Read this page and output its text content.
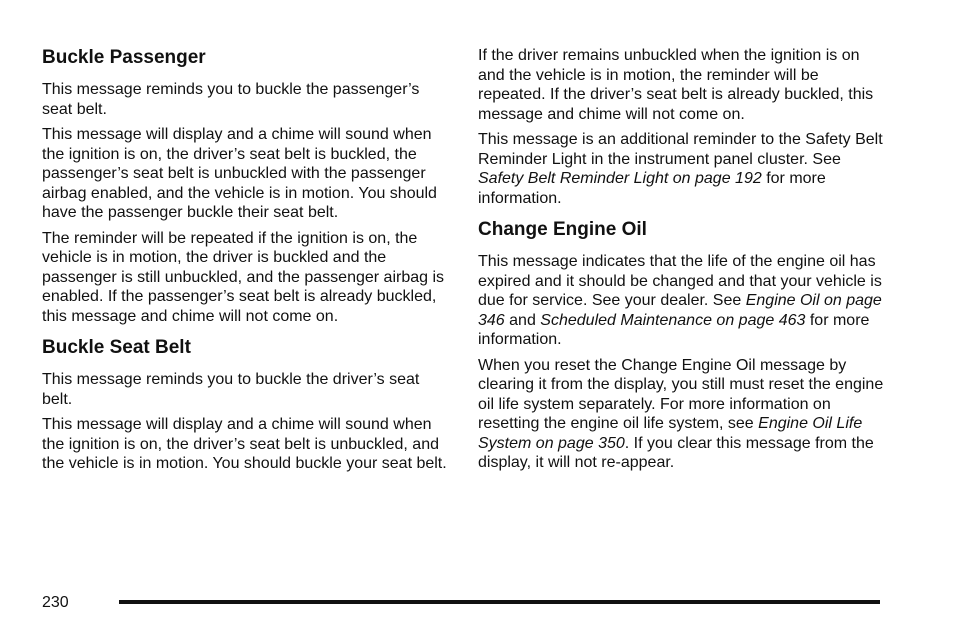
Buckle Passenger

This message reminds you to buckle the passenger’s seat belt.

This message will display and a chime will sound when the ignition is on, the driver’s seat belt is buckled, the passenger’s seat belt is unbuckled with the passenger airbag enabled, and the vehicle is in motion. You should have the passenger buckle their seat belt.

The reminder will be repeated if the ignition is on, the vehicle is in motion, the driver is buckled and the passenger is still unbuckled, and the passenger airbag is enabled. If the passenger’s seat belt is already buckled, this message and chime will not come on.

Buckle Seat Belt

This message reminds you to buckle the driver’s seat belt.

This message will display and a chime will sound when the ignition is on, the driver’s seat belt is unbuckled, and the vehicle is in motion. You should buckle your seat belt.

If the driver remains unbuckled when the ignition is on and the vehicle is in motion, the reminder will be repeated. If the driver’s seat belt is already buckled, this message and chime will not come on.

This message is an additional reminder to the Safety Belt Reminder Light in the instrument panel cluster. See Safety Belt Reminder Light on page 192 for more information.

Change Engine Oil

This message indicates that the life of the engine oil has expired and it should be changed and that your vehicle is due for service. See your dealer. See Engine Oil on page 346 and Scheduled Maintenance on page 463 for more information.

When you reset the Change Engine Oil message by clearing it from the display, you still must reset the engine oil life system separately. For more information on resetting the engine oil life system, see Engine Oil Life System on page 350. If you clear this message from the display, it will not re-appear.

230
